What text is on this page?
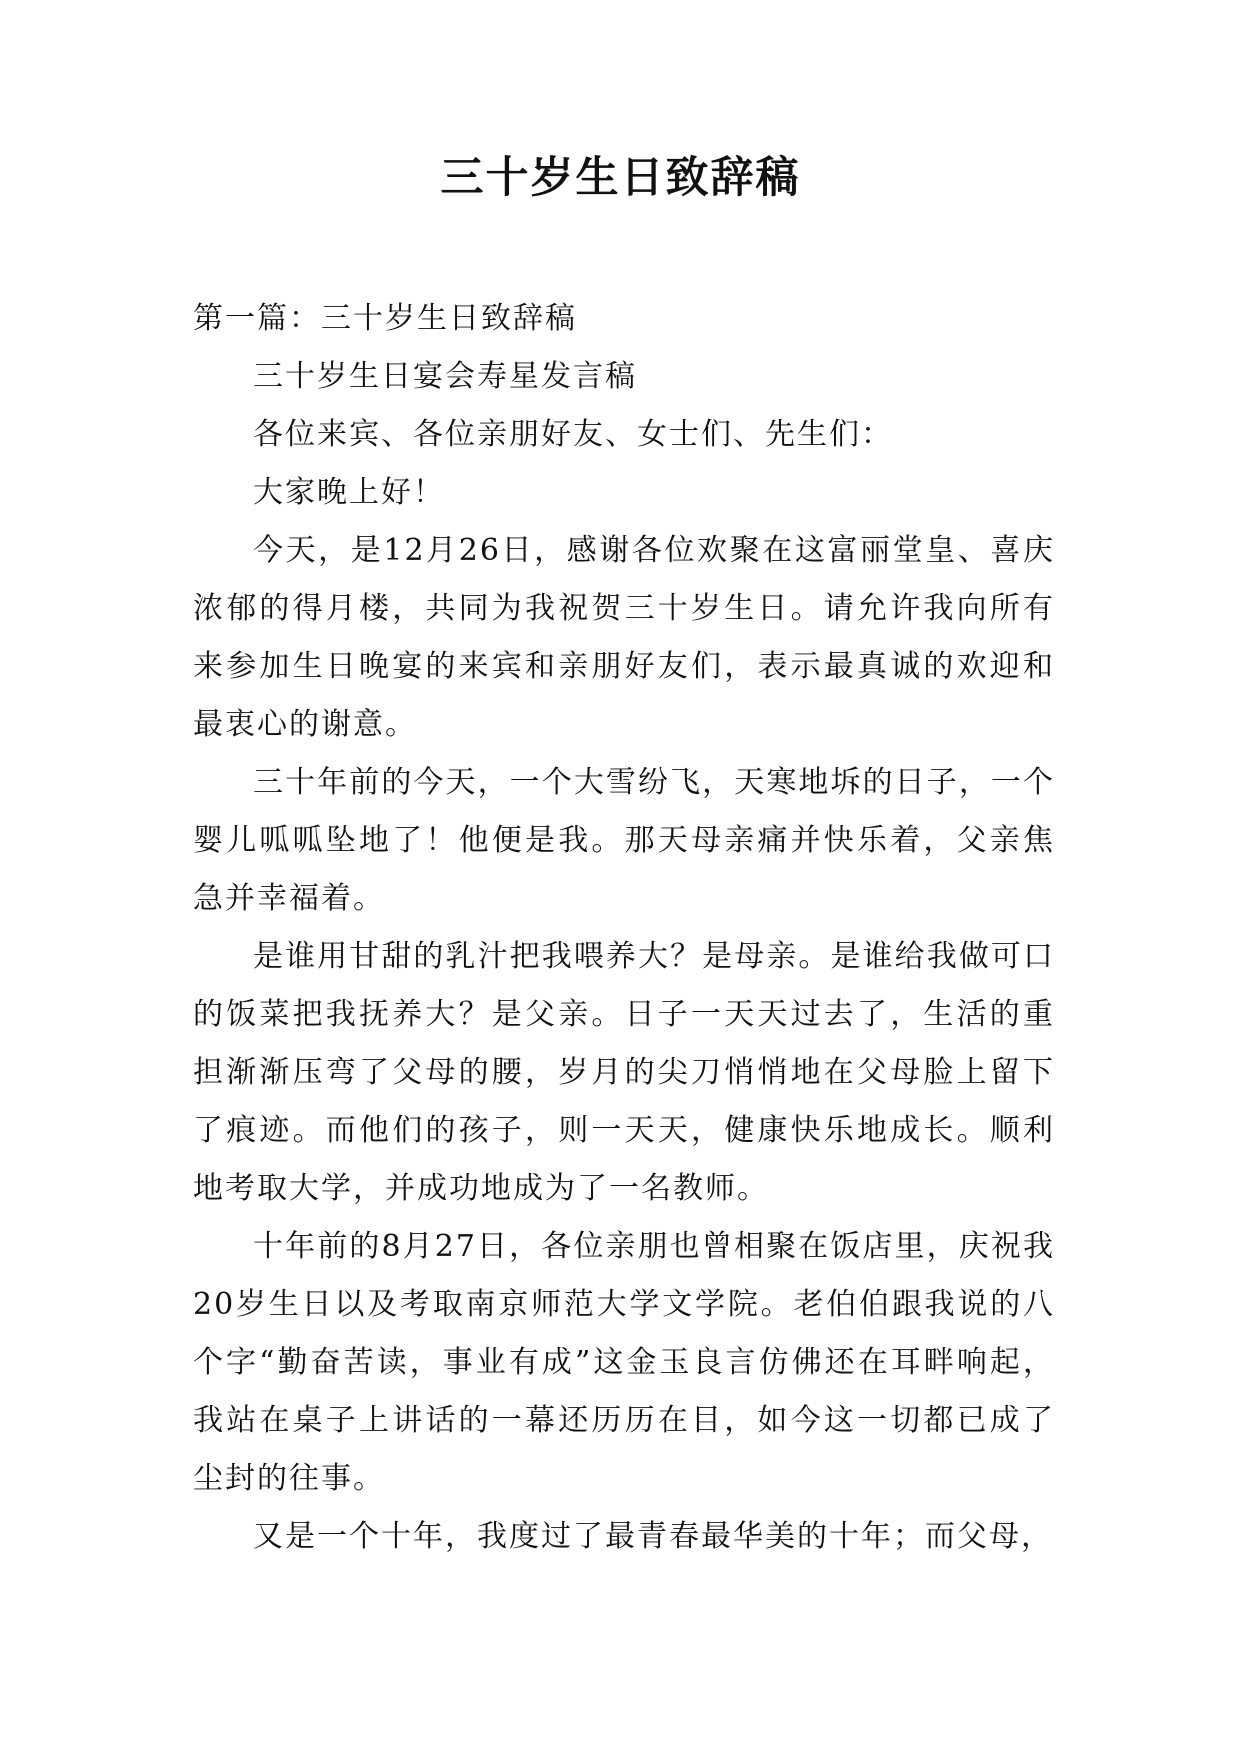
三十岁生日致辞稿

第一篇：三十岁生日致辞稿

三十岁生日宴会寿星发言稿

各位来宾、各位亲朋好友、女士们、先生们：

大家晚上好！

今天，是12月26日，感谢各位欢聚在这富丽堂皇、喜庆浓郁的得月楼，共同为我祝贺三十岁生日。请允许我向所有来参加生日晚宴的来宾和亲朋好友们，表示最真诚的欢迎和最衷心的谢意。

三十年前的今天，一个大雪纷飞，天寒地坼的日子，一个婴儿呱呱坠地了！他便是我。那天母亲痛并快乐着，父亲焦急并幸福着。

是谁用甘甜的乳汁把我喂养大？是母亲。是谁给我做可口的饭菜把我抚养大？是父亲。日子一天天过去了，生活的重担渐渐压弯了父母的腰，岁月的尖刀悄悄地在父母脸上留下了痕迹。而他们的孩子，则一天天，健康快乐地成长。顺利地考取大学，并成功地成为了一名教师。

十年前的8月27日，各位亲朋也曾相聚在饭店里，庆祝我20岁生日以及考取南京师范大学文学院。老伯伯跟我说的八个字“勤奋苦读，事业有成”这金玉良言仿佛还在耳畔响起，我站在桌子上讲话的一幕还历历在目，如今这一切都已成了尘封的往事。

又是一个十年，我度过了最青春最华美的十年；而父母，
